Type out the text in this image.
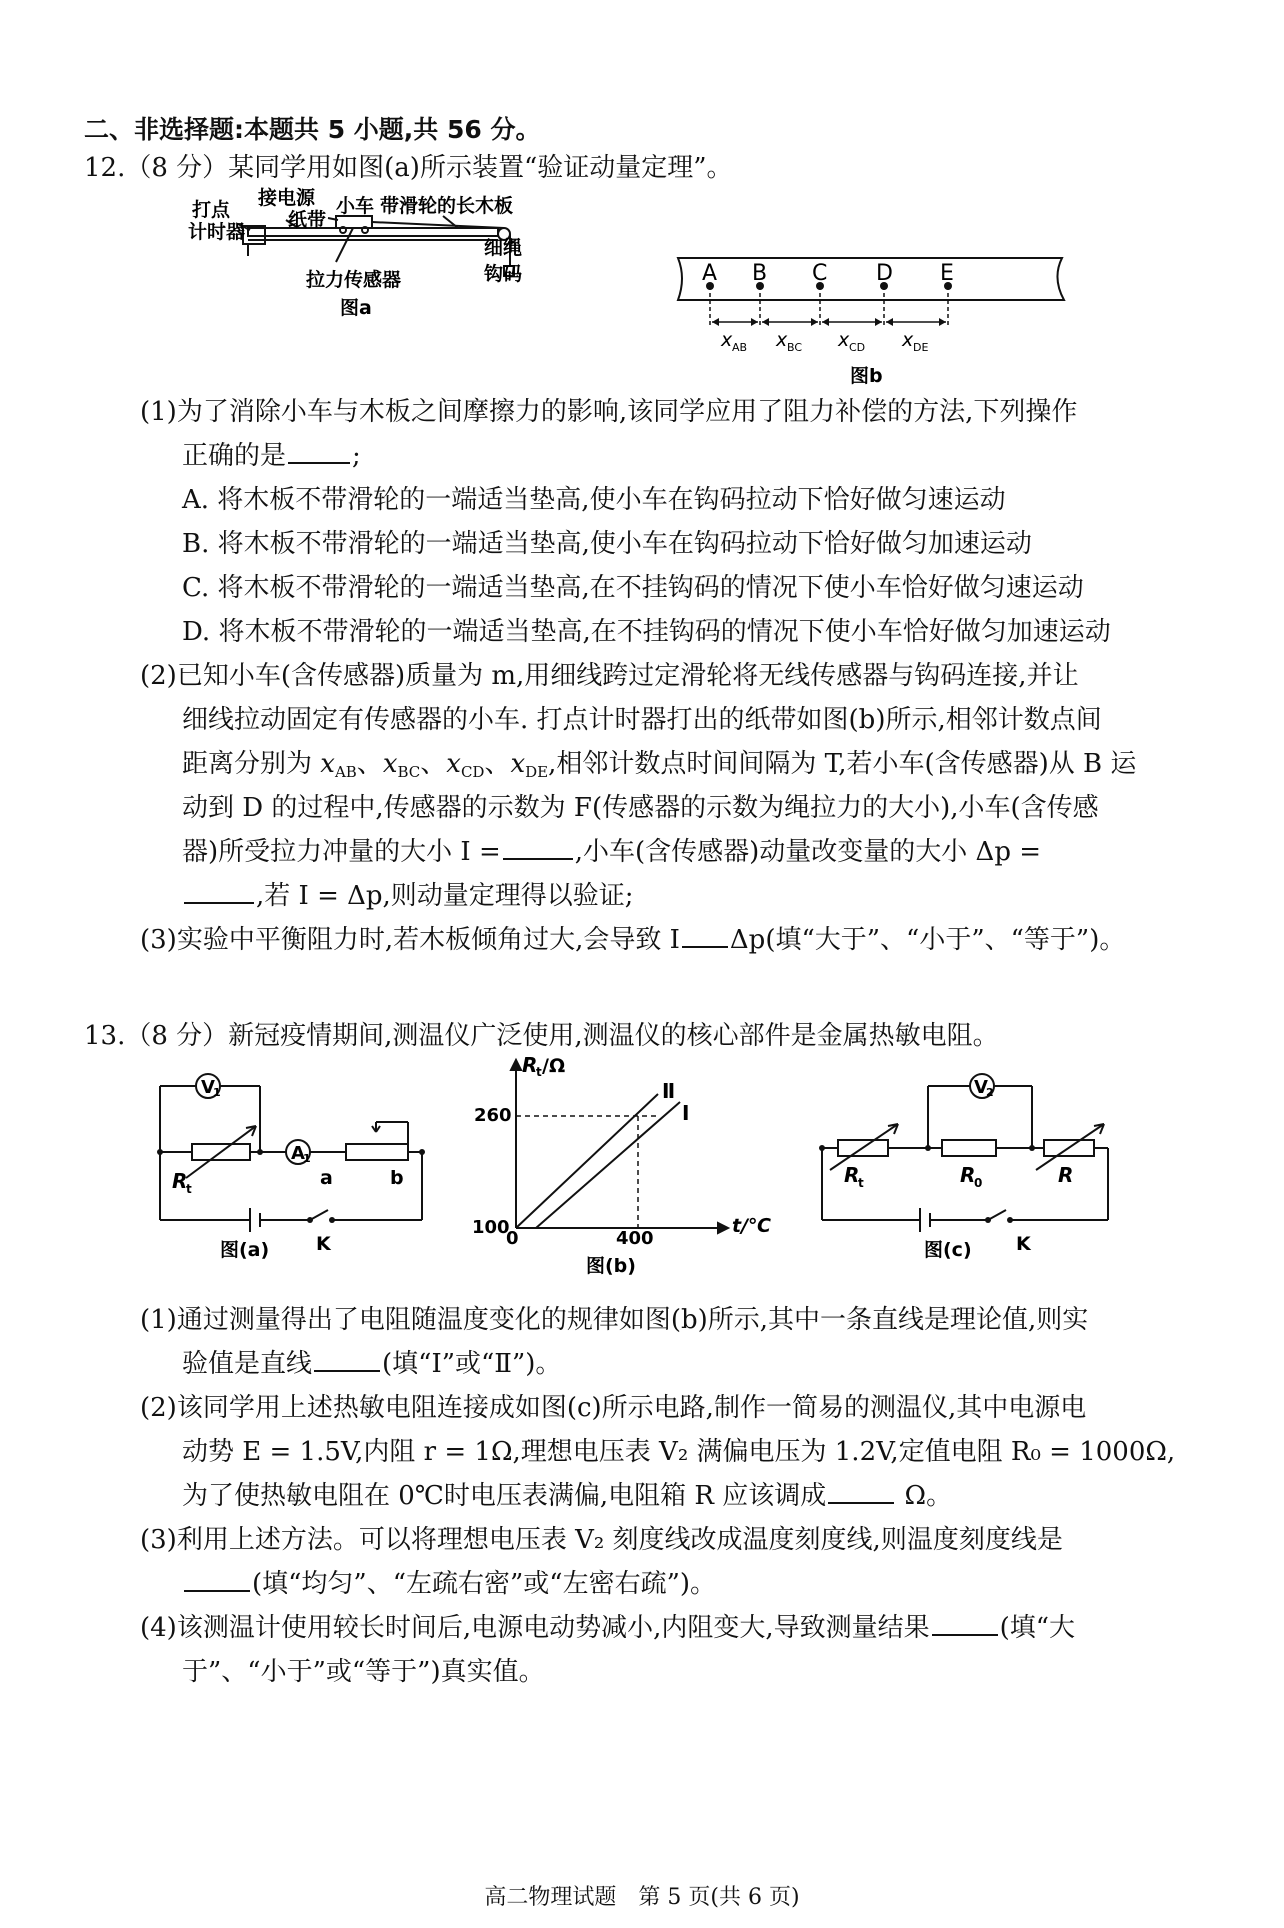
二、非选择题:本题共 5 小题,共 56 分。
12.（8 分）某同学用如图(a)所示装置“验证动量定理”。
打点
计时器
接电源
纸带
小车 带滑轮的长木板
细绳
钩码
拉力传感器
图a
A B C D E
x AB x BC x CD x DE
图b
(1)为了消除小车与木板之间摩擦力的影响,该同学应用了阻力补偿的方法,下列操作
正确的是	;
A. 将木板不带滑轮的一端适当垫高,使小车在钩码拉动下恰好做匀速运动
B. 将木板不带滑轮的一端适当垫高,使小车在钩码拉动下恰好做匀加速运动
C. 将木板不带滑轮的一端适当垫高,在不挂钩码的情况下使小车恰好做匀速运动
D. 将木板不带滑轮的一端适当垫高,在不挂钩码的情况下使小车恰好做匀加速运动
(2)已知小车(含传感器)质量为 m,用细线跨过定滑轮将无线传感器与钩码连接,并让
细线拉动固定有传感器的小车. 打点计时器打出的纸带如图(b)所示,相邻计数点间
距离分别为 xAB、xBC、xCD、xDE,相邻计数点时间间隔为 T,若小车(含传感器)从 B 运
动到 D 的过程中,传感器的示数为 F(传感器的示数为绳拉力的大小),小车(含传感
器)所受拉力冲量的大小 I =	,小车(含传感器)动量改变量的大小 Δp =
,若 I = Δp,则动量定理得以验证;
(3)实验中平衡阻力时,若木板倾角过大,会导致 I Δp(填“大于”、“小于”、“等于”)。
13.（8 分）新冠疫情期间,测温仪广泛使用,测温仪的核心部件是金属热敏电阻。
V
1
A
1
R
t	a	b
K
图(a)
R
t /Ω
t/℃
260
100
0	400
Ⅱ
Ⅰ
图(b)
V
2
R
t	R
0	R
K
图(c)
(1)通过测量得出了电阻随温度变化的规律如图(b)所示,其中一条直线是理论值,则实
验值是直线	(填“Ⅰ”或“Ⅱ”)。
(2)该同学用上述热敏电阻连接成如图(c)所示电路,制作一简易的测温仪,其中电源电
动势 E = 1.5V,内阻 r = 1Ω,理想电压表 V₂ 满偏电压为 1.2V,定值电阻 R₀ = 1000Ω,
为了使热敏电阻在 0℃时电压表满偏,电阻箱 R 应该调成	Ω。
(3)利用上述方法。可以将理想电压表 V₂ 刻度线改成温度刻度线,则温度刻度线是
(填“均匀”、“左疏右密”或“左密右疏”)。
(4)该测温计使用较长时间后,电源电动势减小,内阻变大,导致测量结果	(填“大
于”、“小于”或“等于”)真实值。
高二物理试题　第 5 页(共 6 页)
